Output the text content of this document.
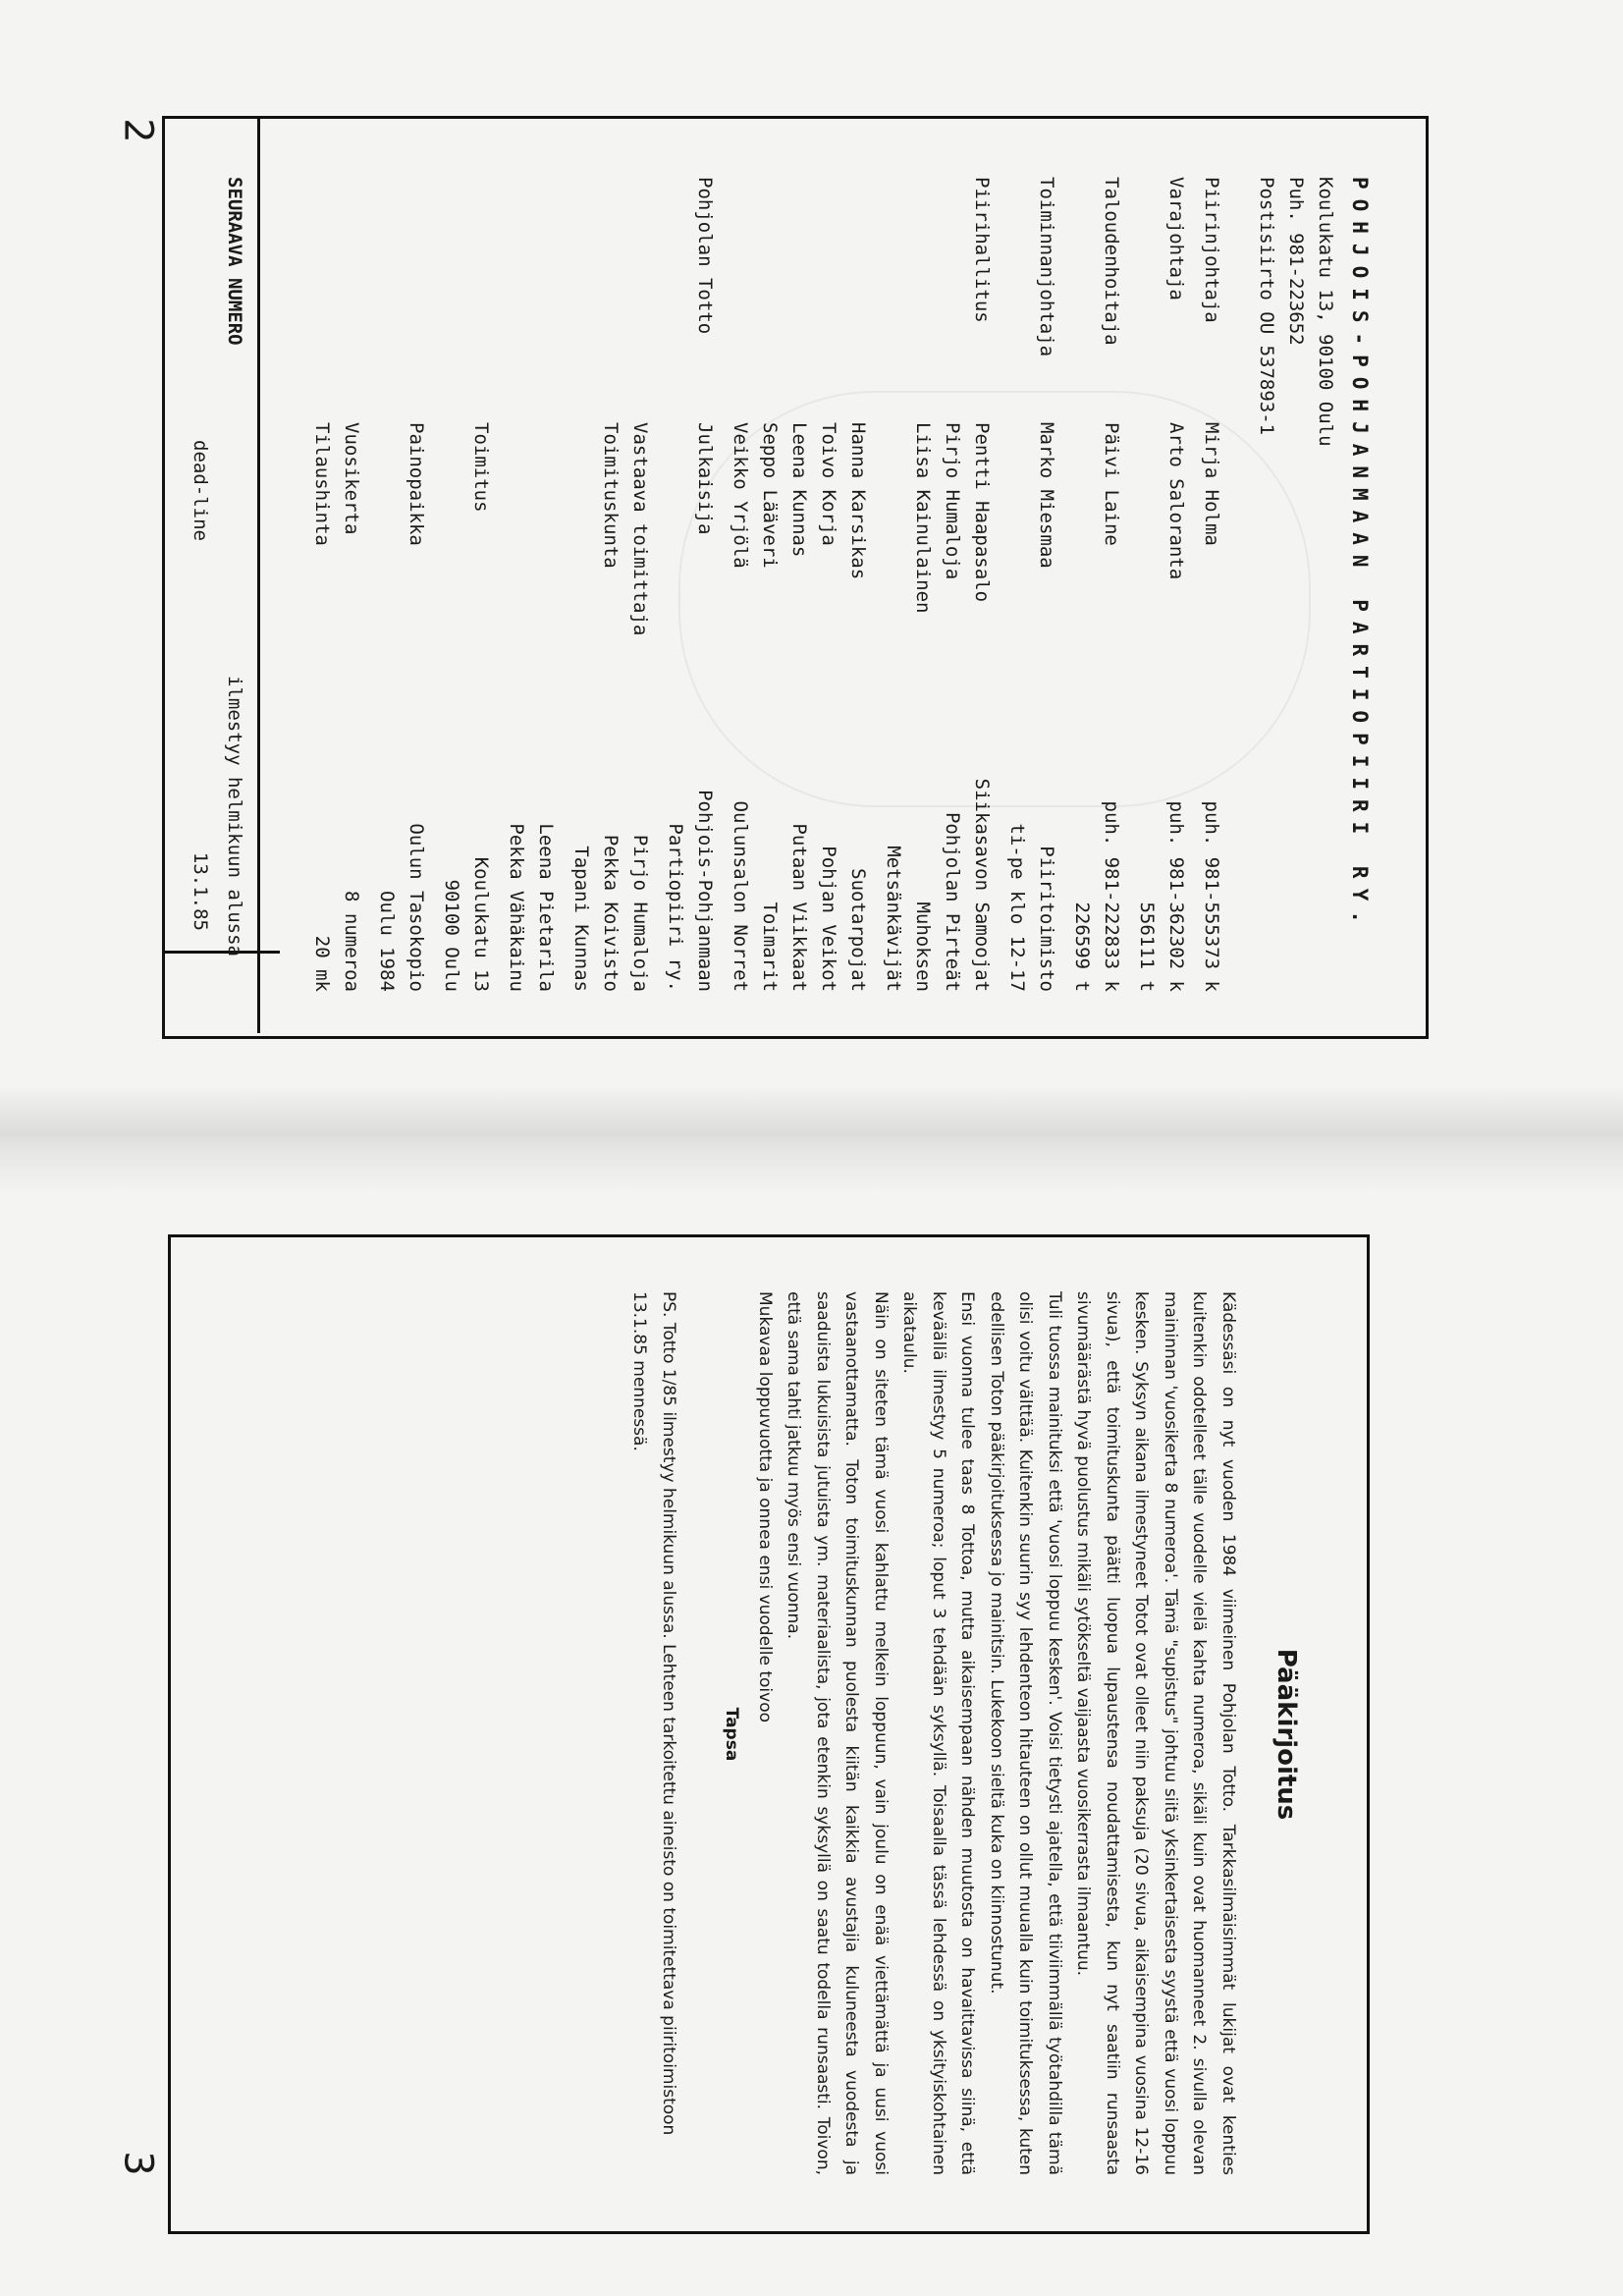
2
3
POHJOIS-POHJANMAAN PARTIOPIIRI RY.
Koulukatu 13, 90100 Oulu
Puh. 981-223652
Postisiirto OU 537893-1
Piirinjohtaja
Mirja Holma
puh. 981-555373 k
Varajohtaja
Arto Saloranta
puh. 981-362302 k
556111 t
Taloudenhoitaja
Päivi Laine
puh. 981-222833 k
226599 t
Toiminnanjohtaja
Marko Miesmaa
Piiritoimisto
ti-pe klo 12-17
Piirihallitus
Pentti Haapasalo
Siikasavon Samoojat
Pirjo Humaloja
Pohjolan Pirteät
Liisa Kainulainen
Muhoksen
Metsänkävijät
Hanna Karsikas
Suotarpojat
Toivo Korja
Pohjan Veikot
Leena Kunnas
Putaan Viikkaat
Seppo Lääveri
Toimarit
Veikko Yrjölä
Oulunsalon Norret
Pohjolan Totto
Julkaisija
Pohjois-Pohjanmaan
Partiopiiri ry.
Vastaava toimittaja
Pirjo Humaloja
Toimituskunta
Pekka Koivisto
Tapani Kunnas
Leena Pietarila
Pekka Vähäkainu
Toimitus
Koulukatu 13
90100 Oulu
Painopaikka
Oulun Tasokopio
Oulu 1984
Vuosikerta
8 numeroa
Tilaushinta
20 mk
SEURAAVA NUMERO
ilmestyy helmikuun alussa
dead-line
13.1.85
Pääkirjoitus

Kädessäsi on nyt vuoden 1984 viimeinen Pohjolan Totto. Tarkkasilmäisimmät lukijat ovat kenties kuitenkin odotelleet tälle vuodelle vielä kahta numeroa, sikäli kuin ovat huomanneet 2. sivulla olevan maininnan 'vuosikerta 8 numeroa'. Tämä "supistus" johtuu siitä yksinkertaisesta syystä että vuosi loppuu kesken. Syksyn aikana ilmestyneet Totot ovat olleet niin paksuja (20 sivua, aikaisempina vuosina 12-16 sivua), että toimituskunta päätti luopua lupaustensa noudattamisesta, kun nyt saatiin runsaasta sivumäärästä hyvä puolustus mikäli sytökseltä vaijaasta vuosikerrasta ilmaantuu.

Tuli tuossa mainituksi että 'vuosi loppuu kesken'. Voisi tietysti ajatella, että tiiviimmällä työtahdilla tämä olisi voitu välttää. Kuitenkin suurin syy lehdenteon hitauteen on ollut muualla kuin toimituksessa, kuten edellisen Toton pääkirjoituksessa jo mainitsin. Lukekoon sieltä kuka on kiinnostunut.

Ensi vuonna tulee taas 8 Tottoa, mutta aikaisempaan nähden muutosta on havaittavissa siinä, että keväällä ilmestyy 5 numeroa; loput 3 tehdään syksyllä. Toisaalla tässä lehdessä on yksityiskohtainen aikataulu.

Näin on siteten tämä vuosi kahlattu melkein loppuun, vain joulu on enää viettämättä ja uusi vuosi vastaanottamatta. Toton toimituskunnan puolesta kiitän kaikkia avustajia kuluneesta vuodesta ja saaduista lukuisista jutuista ym. materiaalista, jota etenkin syksyllä on saatu todella runsaasti. Toivon, että sama tahti jatkuu myös ensi vuonna.

Mukavaa loppuvuotta ja onnea ensi vuodelle toivoo

Tapsa
PS. Totto 1/85 ilmestyy helmikuun alussa. Lehteen tarkoitettu aineisto on toimitettava piiritoimistoon 13.1.85 mennessä.
